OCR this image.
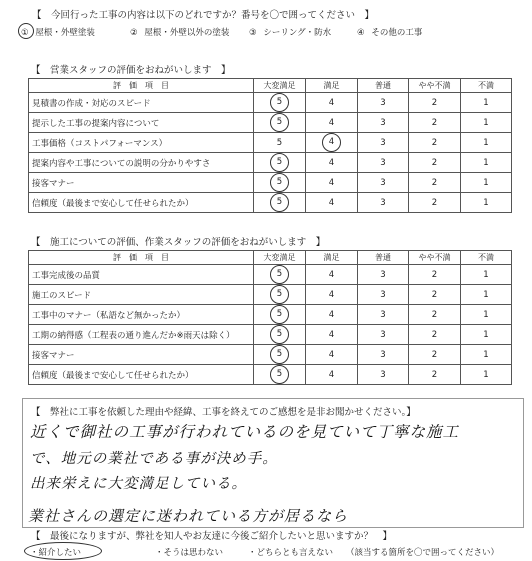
【　今回行った工事の内容は以下のどれですか？番号を〇で囲ってください　】
① 屋根・外壁塗装	② 屋根・外壁以外の塗装 ③ シーリング・防水	④ その他の工事
【　営業スタッフの評価をおねがいします　】
評　価　項　目	大変満足	満足	普通	やや不満	不満
見積書の作成・対応のスピード	5	4	3	2	1
提示した工事の提案内容について	5	4	3	2	1
工事価格（コストパフォーマンス）	5	4	3	2	1
提案内容や工事についての説明の分かりやすさ	5	4	3	2	1
接客マナー	5	4	3	2	1
信頼度（最後まで安心して任せられたか）	5	4	3	2	1
【　施工についての評価、作業スタッフの評価をおねがいします　】
評　価　項　目	大変満足	満足	普通	やや不満	不満
工事完成後の品質	5	4	3	2	1
施工のスピード	5	4	3	2	1
工事中のマナー（私語など無かったか）	5	4	3	2	1
工期の納得感（工程表の通り進んだか※雨天は除く）	5	4	3	2	1
接客マナー	5	4	3	2	1
信頼度（最後まで安心して任せられたか）	5	4	3	2	1
【　弊社に工事を依頼した理由や経緯、工事を終えてのご感想を是非お聞かせください。】
近くで御社の工事が行われているのを見ていて丁寧な施工
で、地元の業社である事が決め手。
出来栄えに大変満足している。
業社さんの選定に迷われている方が居るなら
【　最後になりますが、弊社を知人やお友達に今後ご紹介したいと思いますか？　】
・紹介したい	・そうは思わない	・どちらとも言えない （該当する箇所を〇で囲ってください）
